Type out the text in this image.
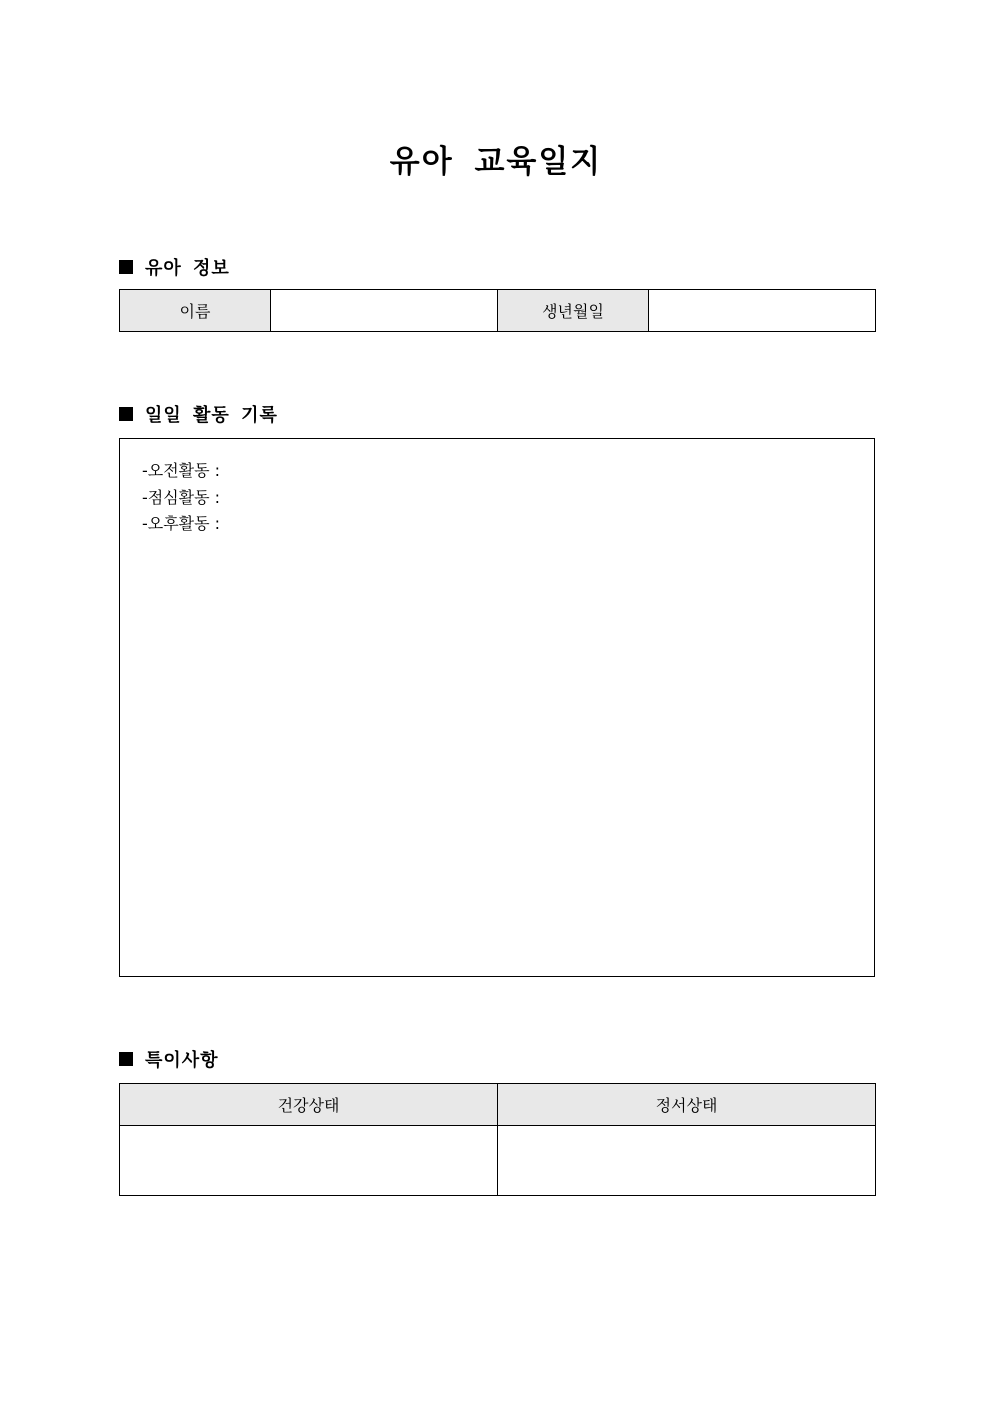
유아 교육일지
유아 정보
이름		생년월일	
일일 활동 기록
-오전활동 :
-점심활동 :
-오후활동 :
특이사항
건강상태	정서상태
